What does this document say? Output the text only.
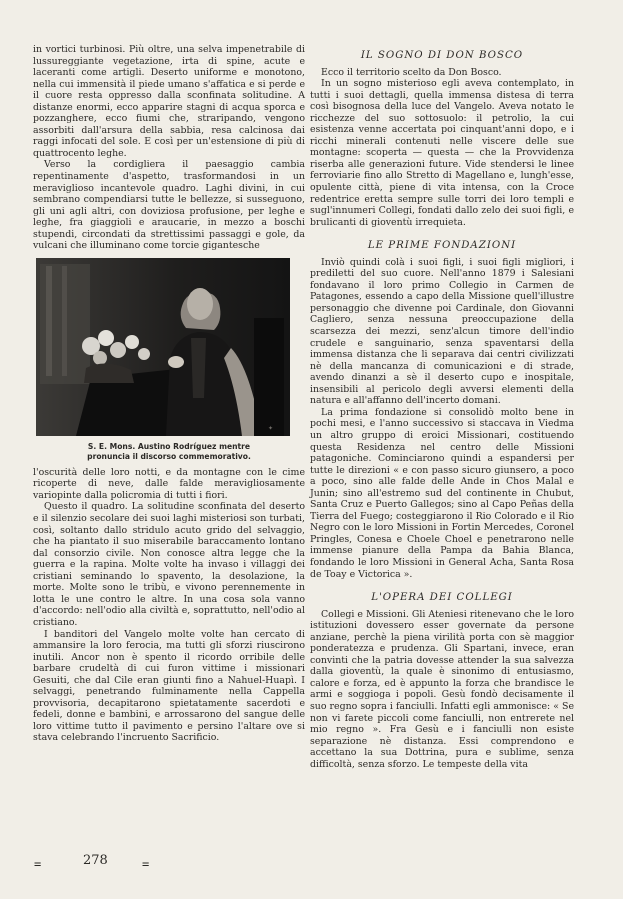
in vortici turbinosi. Più oltre, una selva impenetrabile di lussureggiante vegetazione, irta di spine, acute e laceranti come artigli. Deserto uniforme e monotono, nella cui immensità il piede umano s'affatica e si perde e il cuore resta oppresso dalla sconfinata solitudine. A distanze enormi, ecco apparire stagni di acqua sporca e pozzanghere, ecco fiumi che, straripando, vengono assorbiti dall'arsura della sabbia, resa calcinosa dai raggi infocati del sole. E così per un'estensione di più di quattrocento leghe.

Verso la cordigliera il paesaggio cambia repentinamente d'aspetto, trasformandosi in un meraviglioso incantevole quadro. Laghi divini, in cui sembrano compendiarsi tutte le bellezze, si susseguono, gli uni agli altri, con doviziosa profusione, per leghe e leghe, fra giaggioli e araucarie, in mezzo a boschi stupendi, circondati da strettissimi passaggi e gole, da vulcani che illuminano come torcie gigantesche

✦
S. E. Mons. Austino Rodríguez mentre
pronuncia il discorso commemorativo.

l'oscurità delle loro notti, e da montagne con le cime ricoperte di neve, dalle falde meravigliosamente variopinte dalla policromia di tutti i fiori.

Questo il quadro. La solitudine sconfinata del deserto e il silenzio secolare dei suoi laghi misteriosi son turbati, così, soltanto dallo stridulo acuto grido del selvaggio, che ha piantato il suo miserabile baraccamento lontano dal consorzio civile. Non conosce altra legge che la guerra e la rapina. Molte volte ha invaso i villaggi dei cristiani seminando lo spavento, la desolazione, la morte. Molte sono le tribù, e vivono perennemente in lotta le une contro le altre. In una cosa sola vanno d'accordo: nell'odio alla civiltà e, soprattutto, nell'odio al cristiano.

I banditori del Vangelo molte volte han cercato di ammansire la loro ferocia, ma tutti gli sforzi riuscirono inutili. Ancor non è spento il ricordo orribile delle barbare crudeltà di cui furon vittime i missionari Gesuiti, che dal Cile eran giunti fino a Nahuel-Huapì. I selvaggi, penetrando fulminamente nella Cappella provvisoria, decapitarono spietatamente sacerdoti e fedeli, donne e bambini, e arrossarono del sangue delle loro vittime tutto il pavimento e persino l'altare ove si stava celebrando l'incruento Sacrificio.

IL SOGNO DI DON BOSCO

Ecco il territorio scelto da Don Bosco.

In un sogno misterioso egli aveva contemplato, in tutti i suoi dettagli, quella immensa distesa di terra così bisognosa della luce del Vangelo. Aveva notato le ricchezze del suo sottosuolo: il petrolio, la cui esistenza venne accertata poi cinquant'anni dopo, e i ricchi minerali contenuti nelle viscere delle sue montagne: scoperta — questa — che la Provvidenza riserba alle generazioni future. Vide stendersi le linee ferroviarie fino allo Stretto di Magellano e, lungh'esse, opulente città, piene di vita intensa, con la Croce redentrice eretta sempre sulle torri dei loro templi e sugl'innumeri Collegi, fondati dallo zelo dei suoi figli, e brulicanti di gioventù irrequieta.

LE PRIME FONDAZIONI

Inviò quindi colà i suoi figli, i suoi figli migliori, i prediletti del suo cuore. Nell'anno 1879 i Salesiani fondavano il loro primo Collegio in Carmen de Patagones, essendo a capo della Missione quell'illustre personaggio che divenne poi Cardinale, don Giovanni Cagliero, senza nessuna preoccupazione della scarsezza dei mezzi, senz'alcun timore dell'indio crudele e sanguinario, senza spaventarsi della immensa distanza che li separava dai centri civilizzati nè della mancanza di comunicazioni e di strade, avendo dinanzi a sè il deserto cupo e inospitale, insensibili al pericolo degli avversi elementi della natura e all'affanno dell'incerto domani.

La prima fondazione si consolidò molto bene in pochi mesi, e l'anno successivo si staccava in Viedma un altro gruppo di eroici Missionari, costituendo questa Residenza nel centro delle Missioni patagoniche. Cominciarono quindi a espandersi per tutte le direzioni « e con passo sicuro giunsero, a poco a poco, sino alle falde delle Ande in Chos Malal e Junin; sino all'estremo sud del continente in Chubut, Santa Cruz e Puerto Gallegos; sino al Capo Peñas della Tierra del Fuego; costeggiarono il Rio Colorado e il Rio Negro con le loro Missioni in Fortin Mercedes, Coronel Pringles, Conesa e Choele Choel e penetrarono nelle immense pianure della Pampa da Bahia Blanca, fondando le loro Missioni in General Acha, Santa Rosa de Toay e Victorica ».

L'OPERA DEI COLLEGI

Collegi e Missioni. Gli Ateniesi ritenevano che le loro istituzioni dovessero esser governate da persone anziane, perchè la piena virilità porta con sè maggior ponderatezza e prudenza. Gli Spartani, invece, eran convinti che la patria dovesse attender la sua salvezza dalla gioventù, la quale è sinonimo di entusiasmo, calore e forza, ed è appunto la forza che brandisce le armi e soggioga i popoli. Gesù fondò decisamente il suo regno sopra i fanciulli. Infatti egli ammonisce: « Se non vi farete piccoli come fanciulli, non entrerete nel mio regno ». Fra Gesù e i fanciulli non esiste separazione nè distanza. Essi comprendono e accettano la sua Dottrina, pura e sublime, senza difficoltà, senza sforzo. Le tempeste della vita

=	278	=
